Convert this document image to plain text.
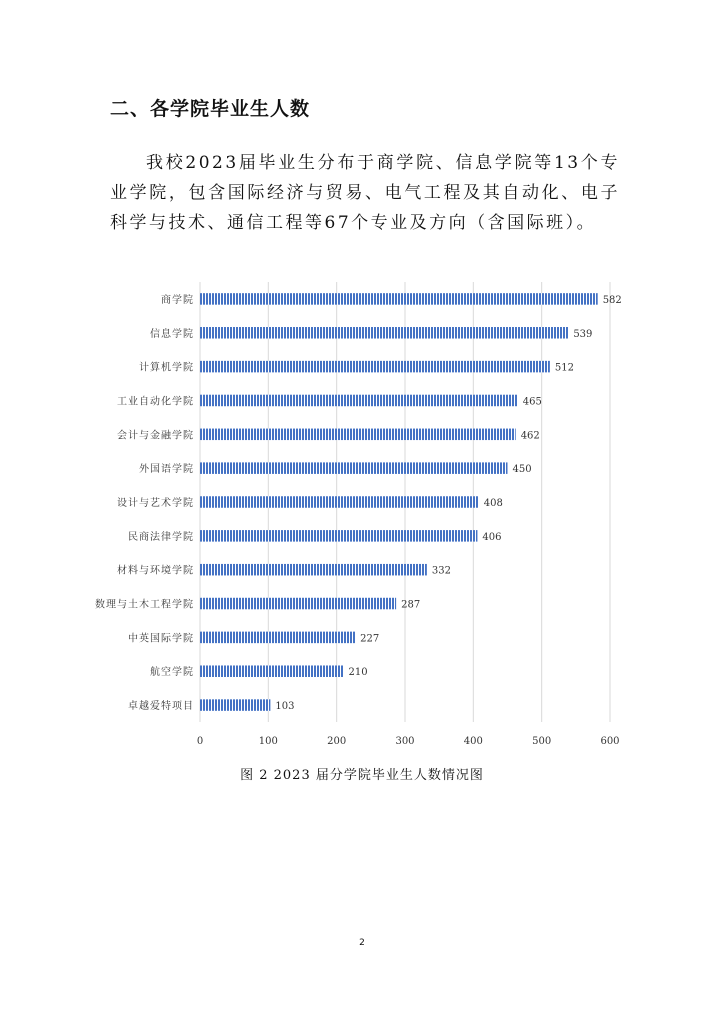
二、各学院毕业生人数

我校2023届毕业生分布于商学院、信息学院等13个专业学院，包含国际经济与贸易、电气工程及其自动化、电子科学与技术、通信工程等67个专业及方向（含国际班）。

0	100	200	300	400	500	600
商学院	582
信息学院	539
计算机学院	512
工业自动化学院	465
会计与金融学院	462
外国语学院	450
设计与艺术学院	408
民商法律学院	406
材料与环境学院	332
数理与土木工程学院	287
中英国际学院	227
航空学院	210
卓越爱特项目	103

图 2 2023 届分学院毕业生人数情况图

2
